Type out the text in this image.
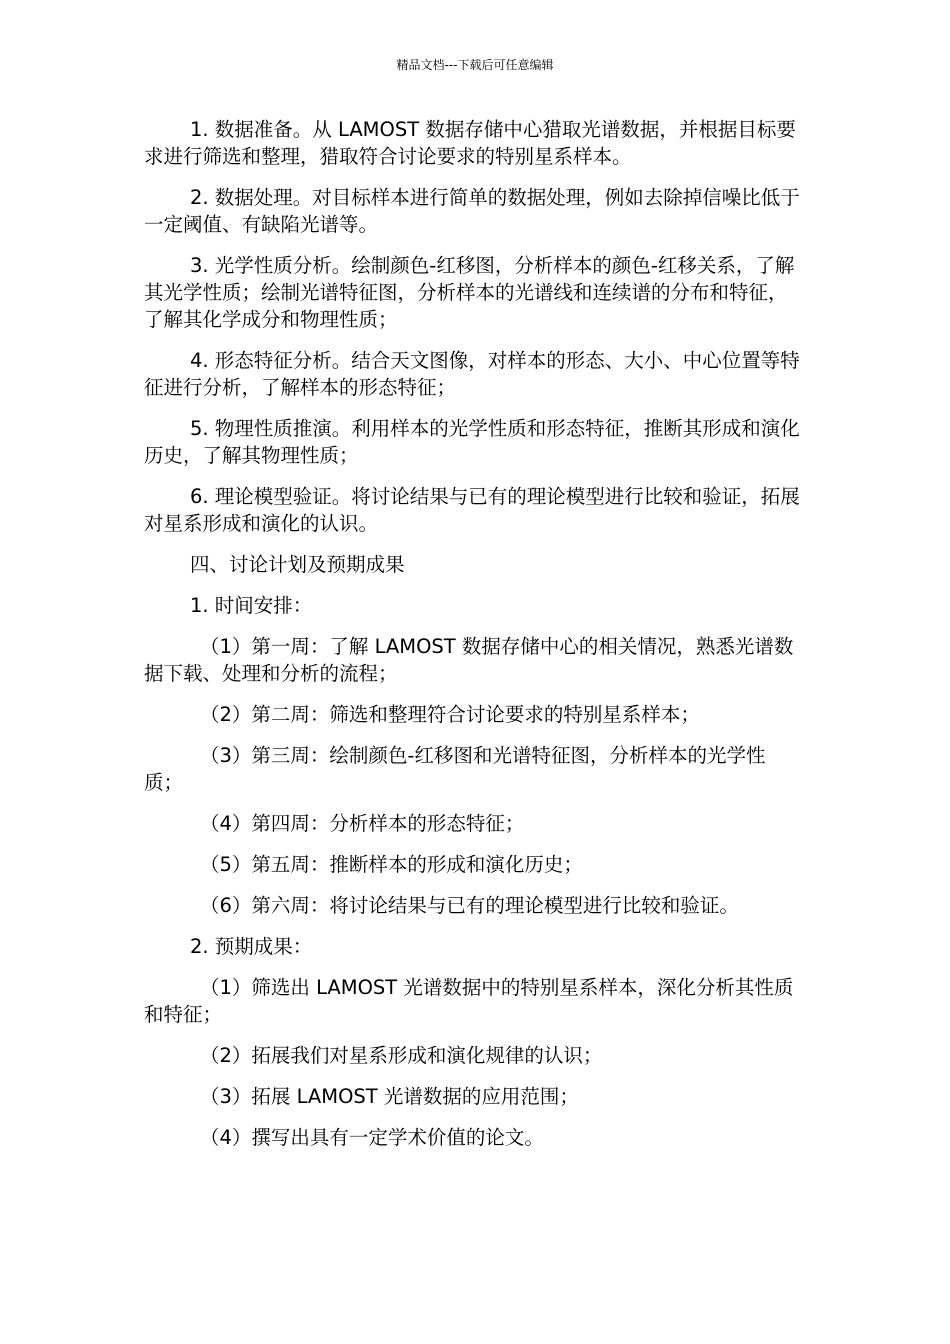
精品文档---下载后可任意编辑

1. 数据准备。从 LAMOST 数据存储中心猎取光谱数据，并根据目标要求进行筛选和整理，猎取符合讨论要求的特别星系样本。

2. 数据处理。对目标样本进行简单的数据处理，例如去除掉信噪比低于一定阈值、有缺陷光谱等。

3. 光学性质分析。绘制颜色-红移图，分析样本的颜色-红移关系，了解其光学性质；绘制光谱特征图，分析样本的光谱线和连续谱的分布和特征，了解其化学成分和物理性质；

4. 形态特征分析。结合天文图像，对样本的形态、大小、中心位置等特征进行分析，了解样本的形态特征；

5. 物理性质推演。利用样本的光学性质和形态特征，推断其形成和演化历史，了解其物理性质；

6. 理论模型验证。将讨论结果与已有的理论模型进行比较和验证，拓展对星系形成和演化的认识。

四、讨论计划及预期成果

1. 时间安排：

（1）第一周：了解 LAMOST 数据存储中心的相关情况，熟悉光谱数据下载、处理和分析的流程；

（2）第二周：筛选和整理符合讨论要求的特别星系样本；

（3）第三周：绘制颜色-红移图和光谱特征图，分析样本的光学性质；

（4）第四周：分析样本的形态特征；

（5）第五周：推断样本的形成和演化历史；

（6）第六周：将讨论结果与已有的理论模型进行比较和验证。

2. 预期成果：

（1）筛选出 LAMOST 光谱数据中的特别星系样本，深化分析其性质和特征；

（2）拓展我们对星系形成和演化规律的认识；

（3）拓展 LAMOST 光谱数据的应用范围；

（4）撰写出具有一定学术价值的论文。
